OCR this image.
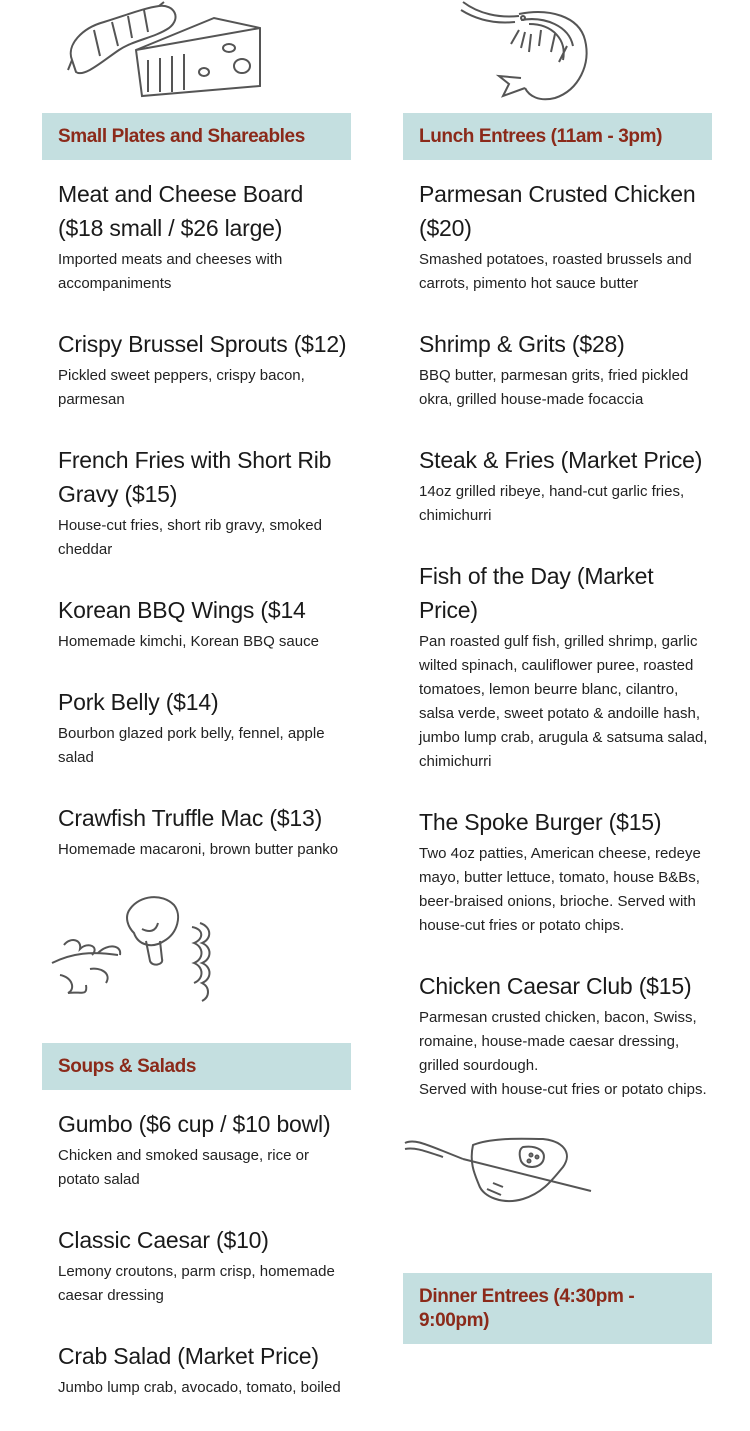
Small Plates and Shareables
Meat and Cheese Board ($18 small / $26 large)
Imported meats and cheeses with accompaniments
Crispy Brussel Sprouts ($12)
Pickled sweet peppers, crispy bacon, parmesan
French Fries with Short Rib Gravy ($15)
House-cut fries, short rib gravy, smoked cheddar
Korean BBQ Wings ($14
Homemade kimchi, Korean BBQ sauce
Pork Belly ($14)
Bourbon glazed pork belly, fennel, apple salad
Crawfish Truffle Mac ($13)
Homemade macaroni, brown butter panko
Soups & Salads
Gumbo ($6 cup / $10 bowl)
Chicken and smoked sausage, rice or potato salad
Classic Caesar ($10)
Lemony croutons, parm crisp, homemade caesar dressing
Crab Salad (Market Price)
Jumbo lump crab, avocado, tomato, boiled
Lunch Entrees (11am - 3pm)
Parmesan Crusted Chicken ($20)
Smashed potatoes, roasted brussels and carrots, pimento hot sauce butter
Shrimp & Grits ($28)
BBQ butter, parmesan grits, fried pickled okra, grilled house-made focaccia
Steak & Fries (Market Price)
14oz grilled ribeye, hand-cut garlic fries, chimichurri
Fish of the Day (Market Price)
Pan roasted gulf fish, grilled shrimp, garlic wilted spinach, cauliflower puree, roasted tomatoes, lemon beurre blanc, cilantro, salsa verde, sweet potato & andoille hash, jumbo lump crab, arugula & satsuma salad, chimichurri
The Spoke Burger ($15)
Two 4oz patties, American cheese, redeye mayo, butter lettuce, tomato, house B&Bs, beer-braised onions, brioche. Served with house-cut fries or potato chips.
Chicken Caesar Club ($15)
Parmesan crusted chicken, bacon, Swiss, romaine, house-made caesar dressing, grilled sourdough.
Served with house-cut fries or potato chips.
Dinner Entrees (4:30pm - 9:00pm)
